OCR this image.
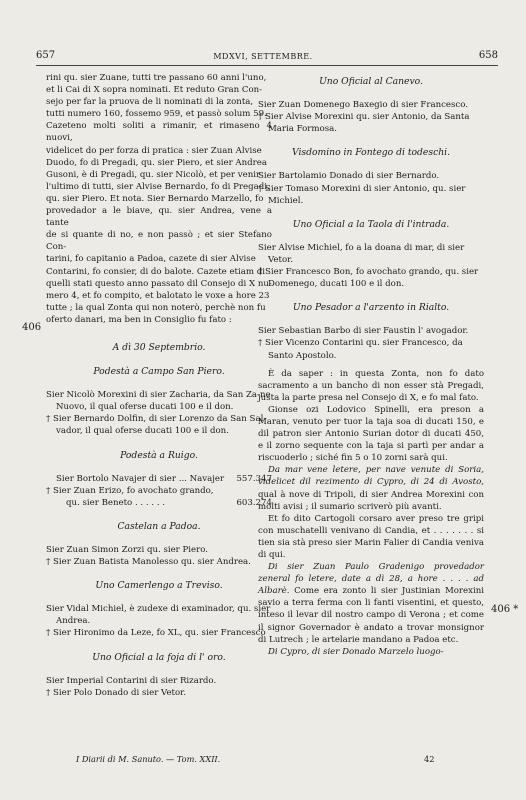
657	MDXVI, SETTEMBRE.	658
406
406 *

rini qu. sier Zuane, tutti tre passano 60 anni l'uno,

et li Cai di X sopra nominati. Et reduto Gran Con-

sejo per far la pruova de li nominati di la zonta,

tutti numero 160, fossemo 959, et passò solum 59.

Cazeteno molti soliti a rimanir, et rimaseno 4 nuovi,

videlicet do per forza di pratica : sier Zuan Alvise

Duodo, fo di Pregadi, qu. sier Piero, et sier Andrea

Gusoni, è di Pregadi, qu. sier Nicolò, et per venir

l'ultimo di tutti, sier Alvise Bernardo, fo di Pregadi,

qu. sier Piero. Et nota. Sier Bernardo Marzello, fo

provedador a le biave, qu. sier Andrea, vene a tante

de si quante di no, e non passò ; et sier Stefano Con-

tarini, fo capitanio a Padoa, cazete di sier Alvise

Contarini, fo consier, di do balote. Cazete etiam di

quelli stati questo anno passato dil Consejo di X nu-

mero 4, et fo compito, et balotato le voxe a hore 23

tutte ; la qual Zonta qui non noterò, perchè non fu

oferto danari, ma ben in Consiglio fu fato :

A dì 30 Septembrio.

Podestà a Campo San Piero.

Sier Nicolò Morexini di sier Zacharia, da San Za-ne Nuovo, il qual oferse ducati 100 e il don.

† Sier Bernardo Dolfin, di sier Lorenzo da San Sal-vador, il qual oferse ducati 100 e il don.

Podestà a Ruigo.

Sier Bortolo Navajer di sier ... Navajer 557.347
† Sier Zuan Erizo, fo avochato grando,
qu. sier Beneto . . . . . .	603.274

Castelan a Padoa.

Sier Zuan Simon Zorzi qu. sier Piero.

† Sier Zuan Batista Manolesso qu. sier Andrea.

Uno Camerlengo a Treviso.

Sier Vidal Michiel, è zudexe di examinador, qu. sier Andrea.

† Sier Hironimo da Leze, fo XL, qu. sier Francesco

Uno Oficial a la foja di l' oro.

Sier Imperial Contarini di sier Rizardo.

† Sier Polo Donado di sier Vetor.

Uno Oficial al Canevo.

Sier Zuan Domenego Baxegio di sier Francesco.

† Sier Alvise Morexini qu. sier Antonio, da Santa Maria Formosa.

Visdomino in Fontego di todeschi.

Sier Bartolamio Donado di sier Bernardo.

† Sier Tomaso Morexini di sier Antonio, qu. sier Michiel.

Uno Oficial a la Taola di l'intrada.

Sier Alvise Michiel, fo a la doana di mar, di sier Vetor.

† Sier Francesco Bon, fo avochato grando, qu. sier Domenego, ducati 100 e il don.

Uno Pesador a l'arzento in Rialto.

Sier Sebastian Barbo di sier Faustin l' avogador.

† Sier Vicenzo Contarini qu. sier Francesco, da Santo Apostolo.

È da saper : in questa Zonta, non fo dato sacramento a un bancho di non esser stà Pregadi, justa la parte presa nel Consejo di X, e fo mal fato.

Gionse ozi Lodovico Spinelli, era preson a Maran, venuto per tuor la taja soa di ducati 150, e dil patron sier Antonio Surian dotor di ducati 450, e il zorno sequente con la taja si partì per andar a riscuoderlo ; siché fin 5 o 10 zorni sarà qui.

Da mar vene letere, per nave venute di Soria, videlicet dil rezimento di Cypro, di 24 di Avosto, qual à nove di Tripoli, di sier Andrea Morexini con molti avisi ; il sumario scriverò più avanti.

Et fo dito Cartogoli corsaro aver preso tre gripi con muschatelli venivano di Candia, et . . . . . . . si tien sia stà preso sier Marin Falier di Candia veniva di qui.

Di sier Zuan Paulo Gradenigo provedador zeneral fo letere, date a dì 28, a hore . . . . ad Albarè. Come era zonto li sier Justinian Morexini savio a terra ferma con li fanti visentini, et questo, inteso il levar dil nostro campo di Verona ; et come il signor Governador è andato a trovar monsignor di Lutrech ; le artelarie mandano a Padoa etc.

Di Cypro, di sier Donado Marzelo luogo-

I Diarii di M. Sanuto. — Tom. XXII.	42
